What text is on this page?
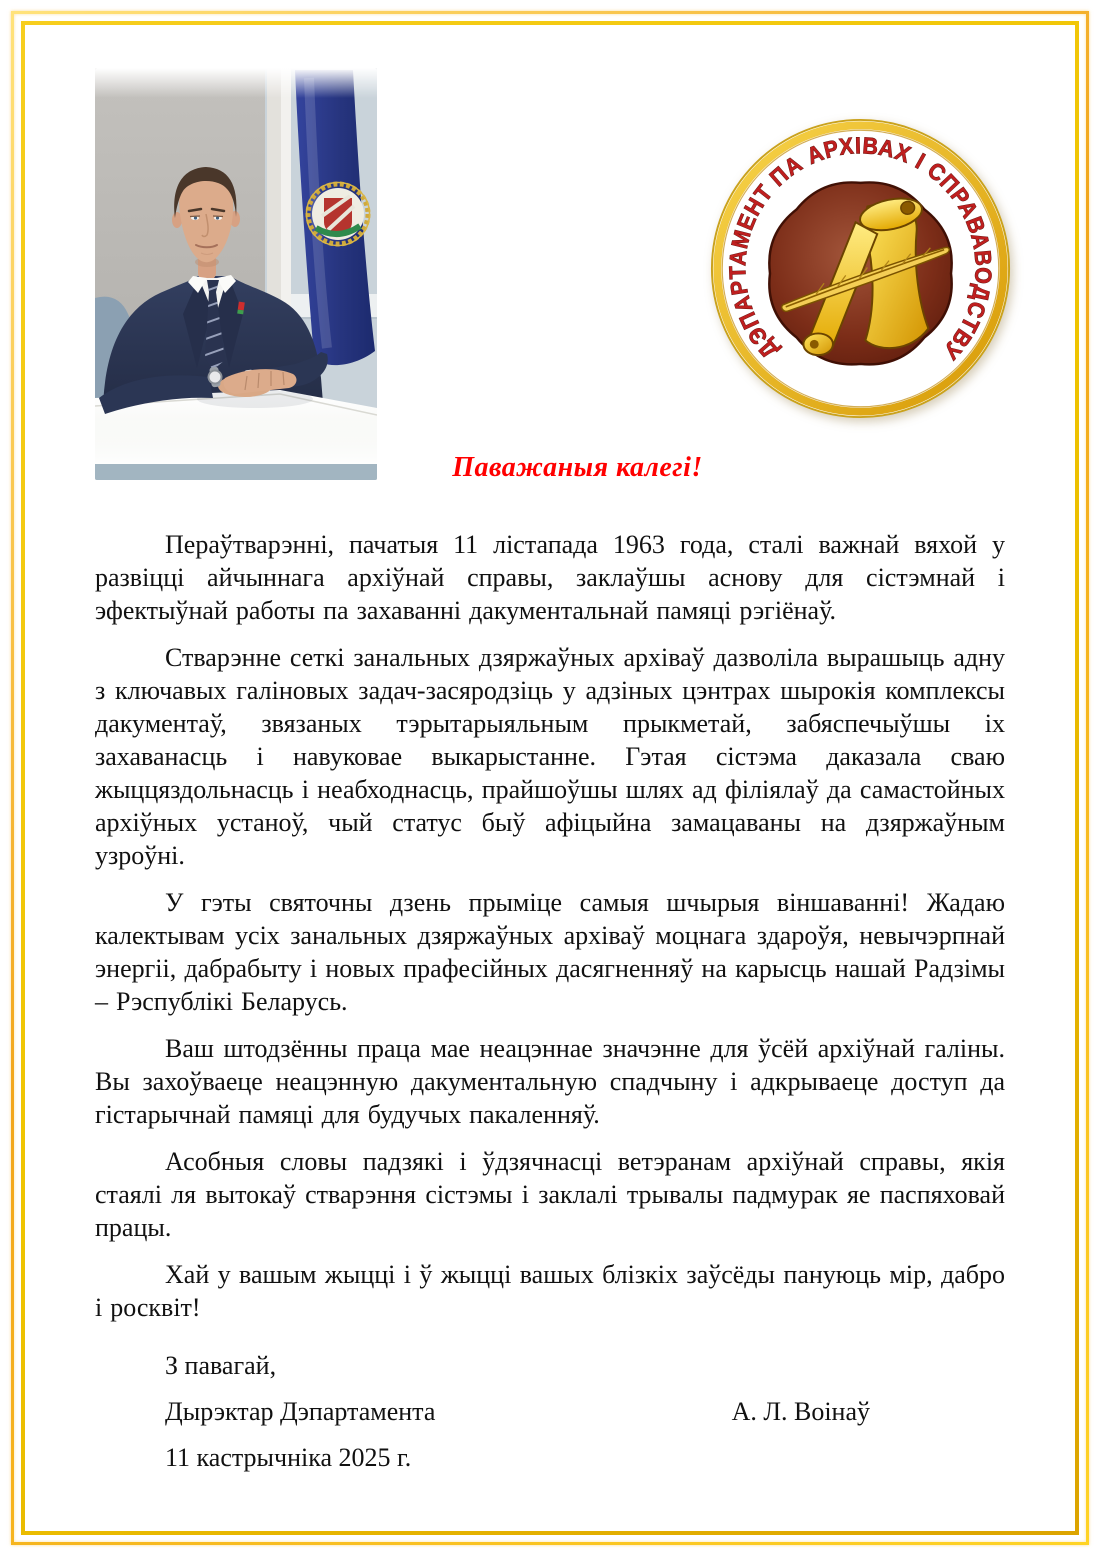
ДЭПАРТАМЕНТ ПА АРХІВАХ І СПРАВАВОДСТВУ
Паважаныя калегі!

Пераўтварэнні, пачатыя 11 лістапада 1963 года, сталі важнай вяхой у развіцці айчыннага архіўнай справы, заклаўшы аснову для сістэмнай і эфектыўнай работы па захаванні дакументальнай памяці рэгіёнаў.

Стварэнне сеткі занальных дзяржаўных архіваў дазволіла вырашыць адну з ключавых галіновых задач-засяродзіць у адзіных цэнтрах шырокія комплексы дакументаў, звязаных тэрытарыяльным прыкметай, забяспечыўшы іх захаванасць і навуковае выкарыстанне. Гэтая сістэма даказала сваю жыццяздольнасць і неабходнасць, прайшоўшы шлях ад філіялаў да самастойных архіўных устаноў, чый статус быў афіцыйна замацаваны на дзяржаўным узроўні.

У гэты святочны дзень прыміце самыя шчырыя віншаванні! Жадаю калектывам усіх занальных дзяржаўных архіваў моцнага здароўя, невычэрпнай энергіі, дабрабыту і новых прафесійных дасягненняў на карысць нашай Радзімы – Рэспублікі Беларусь.

Ваш штодзённы праца мае неацэннае значэнне для ўсёй архіўнай галіны. Вы захоўваеце неацэнную дакументальную спадчыну і адкрываеце доступ да гістарычнай памяці для будучых пакаленняў.

Асобныя словы падзякі і ўдзячнасці ветэранам архіўнай справы, якія стаялі ля вытокаў стварэння сістэмы і заклалі трывалы падмурак яе паспяховай працы.

Хай у вашым жыцці і ў жыцці вашых блізкіх заўсёды пануюць мір, дабро і росквіт!

З павагай,

Дырэктар Дэпартамента	А. Л. Воінаў

11 кастрычніка 2025 г.
